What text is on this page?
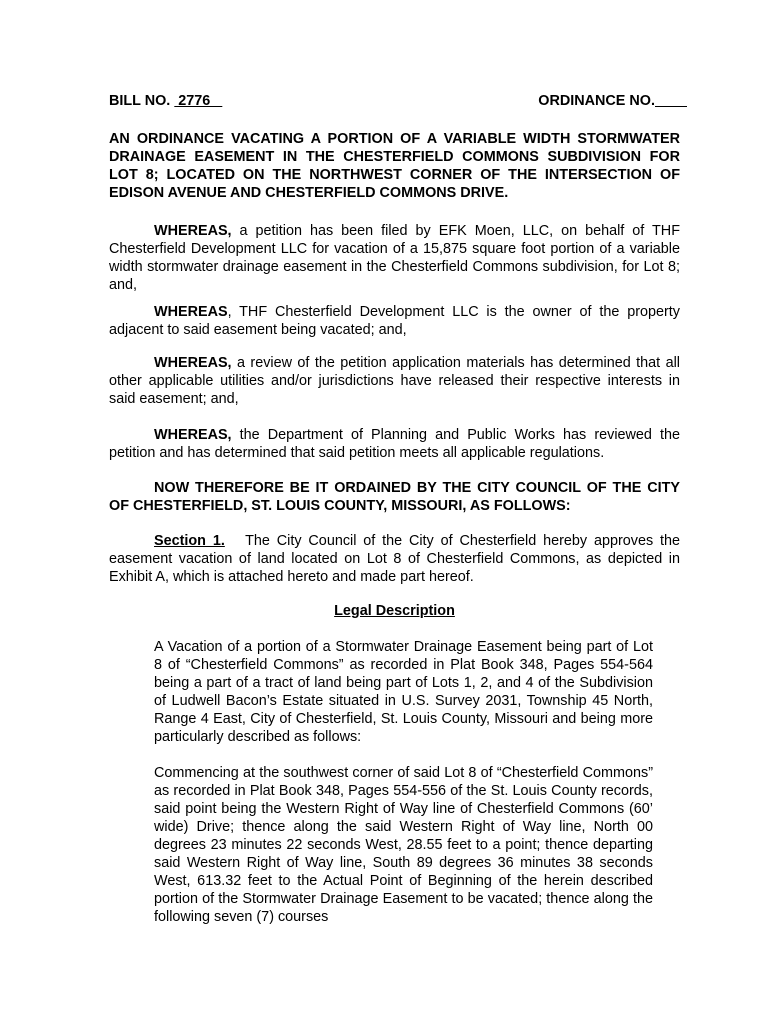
BILL NO.  2776	ORDINANCE NO.
AN ORDINANCE VACATING A PORTION OF A VARIABLE WIDTH STORMWATER DRAINAGE EASEMENT IN THE CHESTERFIELD COMMONS SUBDIVISION FOR LOT 8; LOCATED ON THE NORTHWEST CORNER OF THE INTERSECTION OF EDISON AVENUE AND CHESTERFIELD COMMONS DRIVE.
WHEREAS, a petition has been filed by EFK Moen, LLC, on behalf of THF Chesterfield Development LLC for vacation of a 15,875 square foot portion of a variable width stormwater drainage easement in the Chesterfield Commons subdivision, for Lot 8; and,
WHEREAS, THF Chesterfield Development LLC is the owner of the property adjacent to said easement being vacated; and,
WHEREAS, a review of the petition application materials has determined that all other applicable utilities and/or jurisdictions have released their respective interests in said easement; and,
WHEREAS, the Department of Planning and Public Works has reviewed the petition and has determined that said petition meets all applicable regulations.
NOW THEREFORE BE IT ORDAINED BY THE CITY COUNCIL OF THE CITY OF CHESTERFIELD, ST. LOUIS COUNTY, MISSOURI, AS FOLLOWS:
Section 1.   The City Council of the City of Chesterfield hereby approves the easement vacation of land located on Lot 8 of Chesterfield Commons, as depicted in Exhibit A, which is attached hereto and made part hereof.
Legal Description
A Vacation of a portion of a Stormwater Drainage Easement being part of Lot 8 of “Chesterfield Commons” as recorded in Plat Book 348, Pages 554-564 being a part of a tract of land being part of Lots 1, 2, and 4 of the Subdivision of Ludwell Bacon’s Estate situated in U.S. Survey 2031, Township 45 North, Range 4 East, City of Chesterfield, St. Louis County, Missouri and being more particularly described as follows:
Commencing at the southwest corner of said Lot 8 of “Chesterfield Commons” as recorded in Plat Book 348, Pages 554-556 of the St. Louis County records, said point being the Western Right of Way line of Chesterfield Commons (60’ wide) Drive; thence along the said Western Right of Way line, North 00 degrees 23 minutes 22 seconds West, 28.55 feet to a point; thence departing said Western Right of Way line, South 89 degrees 36 minutes 38 seconds West, 613.32 feet to the Actual Point of Beginning of the herein described portion of the Stormwater Drainage Easement to be vacated; thence along the following seven (7) courses
